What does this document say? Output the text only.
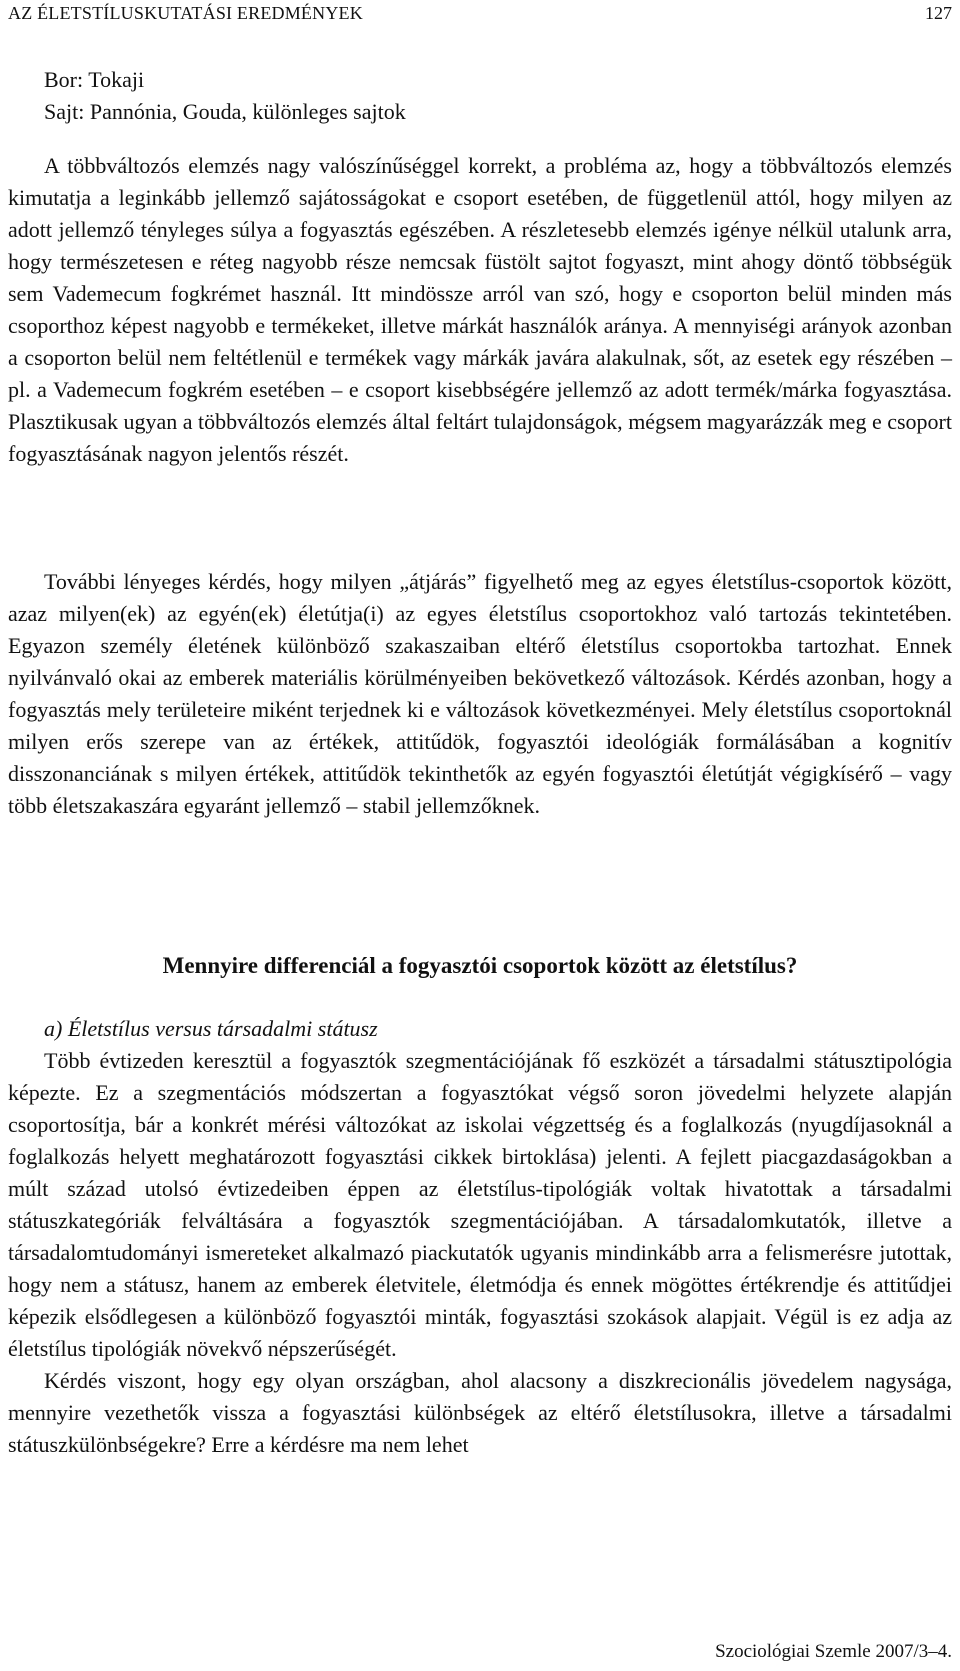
AZ ÉLETSTÍLUSKUTATÁSI EREDMÉNYEK	127
Bor: Tokaji
Sajt: Pannónia, Gouda, különleges sajtok

A többváltozós elemzés nagy valószínűséggel korrekt, a probléma az, hogy a többváltozós elemzés kimutatja a leginkább jellemző sajátosságokat e csoport esetében, de függetlenül attól, hogy milyen az adott jellemző tényleges súlya a fogyasztás egészében. A részletesebb elemzés igénye nélkül utalunk arra, hogy természetesen e réteg nagyobb része nemcsak füstölt sajtot fogyaszt, mint ahogy döntő többségük sem Vademecum fogkrémet használ. Itt mindössze arról van szó, hogy e csoporton belül minden más csoporthoz képest nagyobb e termékeket, illetve márkát használók aránya. A mennyiségi arányok azonban a csoporton belül nem feltétlenül e termékek vagy márkák javára alakulnak, sőt, az esetek egy részében – pl. a Vademecum fogkrém esetében – e csoport kisebbségére jellemző az adott termék/márka fogyasztása. Plasztikusak ugyan a többváltozós elemzés által feltárt tulajdonságok, mégsem magyarázzák meg e csoport fogyasztásának nagyon jelentős részét.

További lényeges kérdés, hogy milyen „átjárás” figyelhető meg az egyes életstílus-csoportok között, azaz milyen(ek) az egyén(ek) életútja(i) az egyes életstílus csoportokhoz való tartozás tekintetében. Egyazon személy életének különböző szakaszaiban eltérő életstílus csoportokba tartozhat. Ennek nyilvánvaló okai az emberek materiális körülményeiben bekövetkező változások. Kérdés azonban, hogy a fogyasztás mely területeire miként terjednek ki e változások következményei. Mely életstílus csoportoknál milyen erős szerepe van az értékek, attitűdök, fogyasztói ideológiák formálásában a kognitív disszonanciának s milyen értékek, attitűdök tekinthetők az egyén fogyasztói életútját végigkísérő – vagy több életszakaszára egyaránt jellemző – stabil jellemzőknek.

Mennyire differenciál a fogyasztói csoportok között az életstílus?
a) Életstílus versus társadalmi státusz

Több évtizeden keresztül a fogyasztók szegmentációjának fő eszközét a társadalmi státusztipológia képezte. Ez a szegmentációs módszertan a fogyasztókat végső soron jövedelmi helyzete alapján csoportosítja, bár a konkrét mérési változókat az iskolai végzettség és a foglalkozás (nyugdíjasoknál a foglalkozás helyett meghatározott fogyasztási cikkek birtoklása) jelenti. A fejlett piacgazdaságokban a múlt század utolsó évtizedeiben éppen az életstílus-tipológiák voltak hivatottak a társadalmi státuszkategóriák felváltására a fogyasztók szegmentációjában. A társadalomkutatók, illetve a társadalomtudományi ismereteket alkalmazó piackutatók ugyanis mindinkább arra a felismerésre jutottak, hogy nem a státusz, hanem az emberek életvitele, életmódja és ennek mögöttes értékrendje és attitűdjei képezik elsődlegesen a különböző fogyasztói minták, fogyasztási szokások alapjait. Végül is ez adja az életstílus tipológiák növekvő népszerűségét.

Kérdés viszont, hogy egy olyan országban, ahol alacsony a diszkrecionális jövedelem nagysága, mennyire vezethetők vissza a fogyasztási különbségek az eltérő életstílusokra, illetve a társadalmi státuszkülönbségekre? Erre a kérdésre ma nem lehet

Szociológiai Szemle 2007/3–4.
